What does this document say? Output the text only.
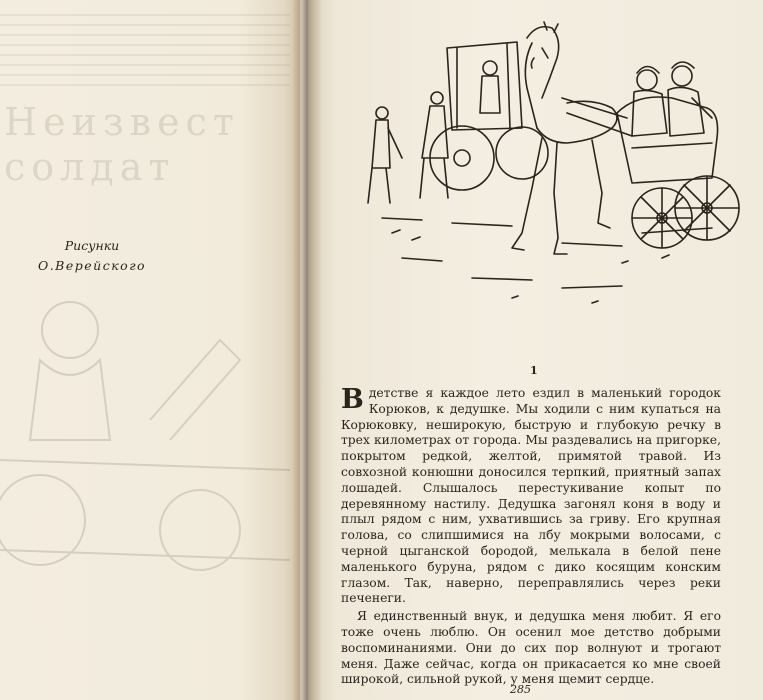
Неизвест
солдат
Рисунки
О.Верейского
1

Вдетстве я каждое лето ездил в маленький городок Корюков, к дедушке. Мы ходили с ним купаться на Корюковку, неширокую, быструю и глубокую речку в трех километрах от города. Мы раздевались на пригорке, покрытом редкой, желтой, примятой травой. Из совхозной конюшни доносился терпкий, приятный запах лошадей. Слышалось перестукивание копыт по деревянному настилу. Дедушка загонял коня в воду и плыл рядом с ним, ухватившись за гриву. Его крупная голова, со слипшимися на лбу мокрыми волосами, с черной цыганской бородой, мелькала в белой пене маленького буруна, рядом с дико косящим конским глазом. Так, наверно, переправлялись через реки печенеги.

Я единственный внук, и дедушка меня любит. Я его тоже очень люблю. Он осенил мое детство добрыми воспоминаниями. Они до сих пор волнуют и трогают меня. Даже сейчас, когда он прикасается ко мне своей широкой, сильной рукой, у меня щемит сердце.

285
